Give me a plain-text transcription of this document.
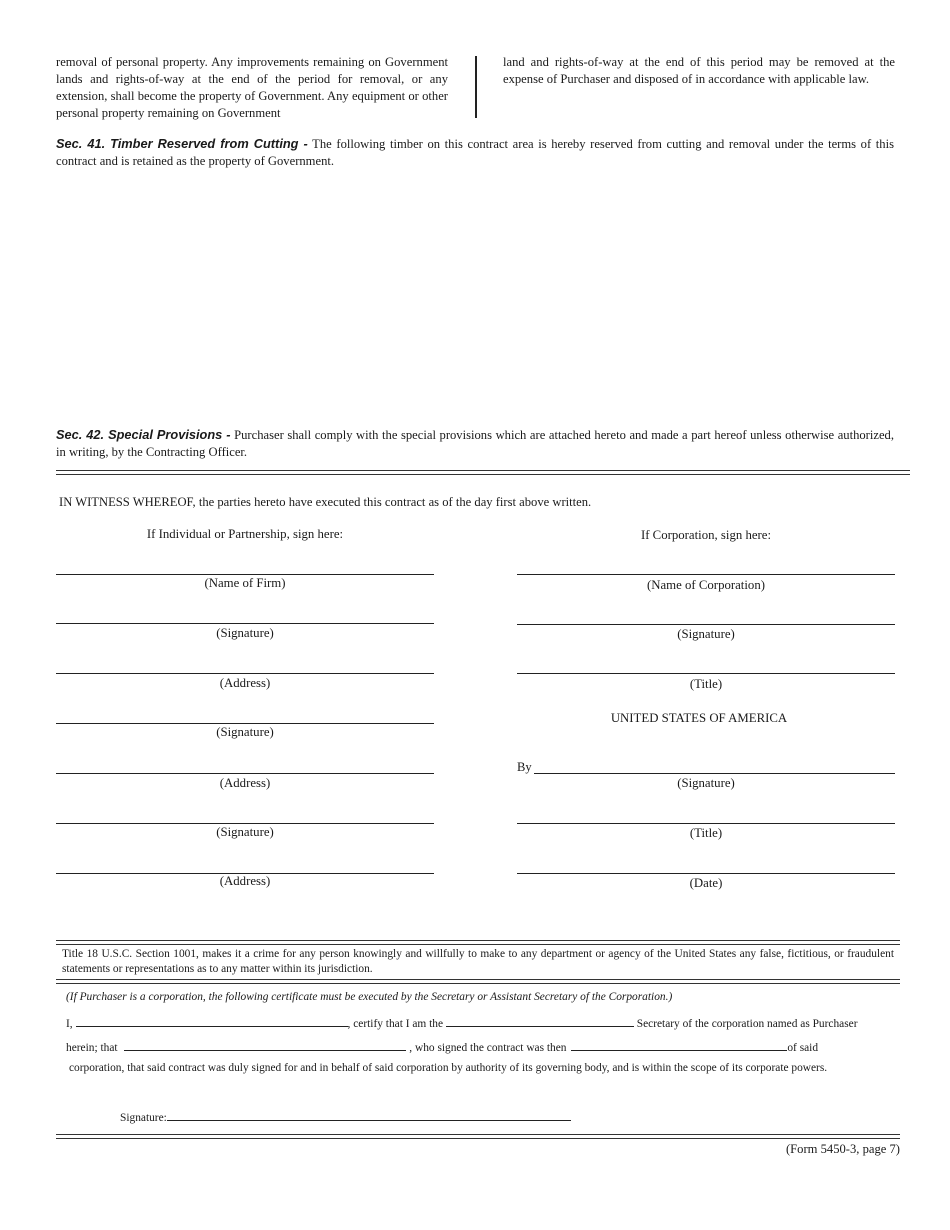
removal of personal property. Any improvements remaining on Government lands and rights-of-way at the end of the period for removal, or any extension, shall become the property of Government. Any equipment or other personal property remaining on Government
land and rights-of-way at the end of this period may be removed at the expense of Purchaser and disposed of in accordance with applicable law.
Sec. 41. Timber Reserved from Cutting - The following timber on this contract area is hereby reserved from cutting and removal under the terms of this contract and is retained as the property of Government.
Sec. 42. Special Provisions - Purchaser shall comply with the special provisions which are attached hereto and made a part hereof unless otherwise authorized, in writing, by the Contracting Officer.
IN WITNESS WHEREOF, the parties hereto have executed this contract as of the day first above written.
If Individual or Partnership, sign here:
(Name of Firm)
(Signature)
(Address)
(Signature)
(Address)
(Signature)
(Address)
If Corporation, sign here:
(Name of Corporation)
(Signature)
(Title)
UNITED STATES OF AMERICA
By
(Signature)
(Title)
(Date)
Title 18 U.S.C. Section 1001, makes it a crime for any person knowingly and willfully to make to any department or agency of the United States any false, fictitious, or fraudulent statements or representations as to any matter within its jurisdiction.
(If Purchaser is a corporation, the following certificate must be executed by the Secretary or Assistant Secretary of the Corporation.)
I,	, certify that I am the	Secretary of the corporation named as Purchaser
herein; that	, who signed the contract was then	of said
corporation, that said contract was duly signed for and in behalf of said corporation by authority of its governing body, and is within the scope of its corporate powers.
Signature:
(Form 5450-3, page 7)
